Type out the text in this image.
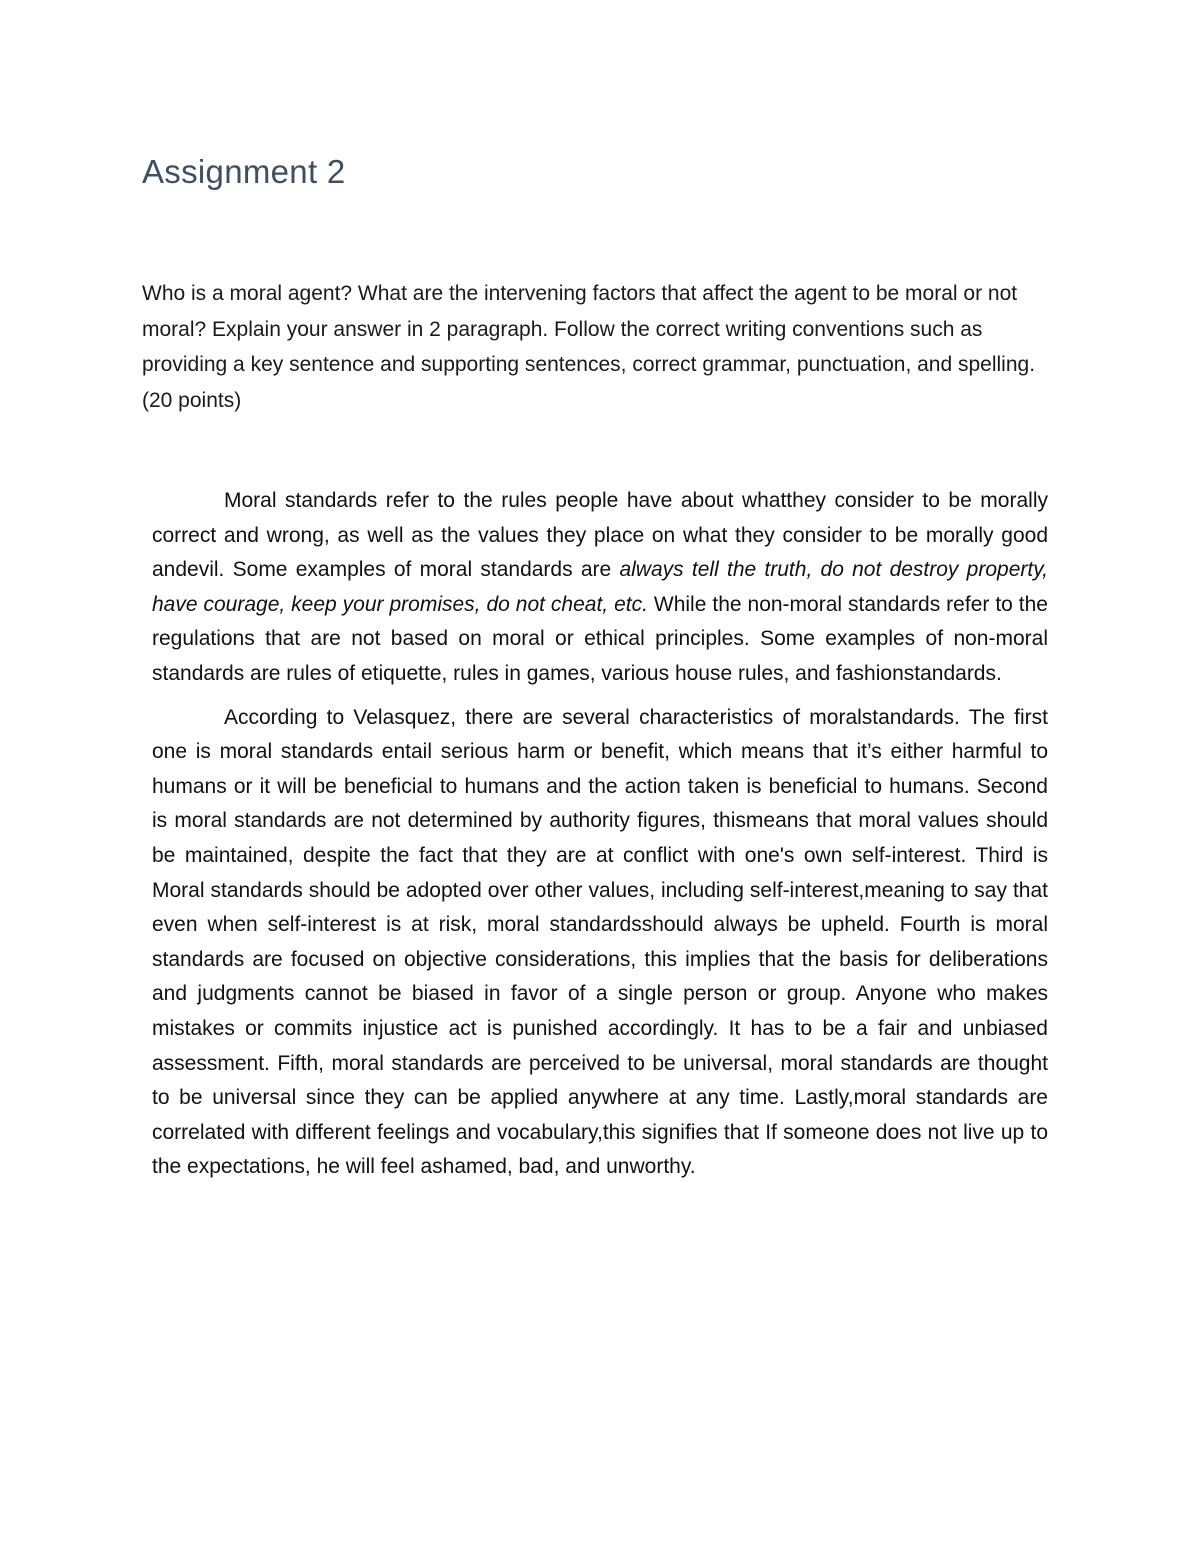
Assignment 2

Who is a moral agent? What are the intervening factors that affect the agent to be moral or not moral? Explain your answer in 2 paragraph. Follow the correct writing conventions such as providing a key sentence and supporting sentences, correct grammar, punctuation, and spelling. (20 points)

Moral standards refer to the rules people have about whatthey consider to be morally correct and wrong, as well as the values they place on what they consider to be morally good andevil. Some examples of moral standards are always tell the truth, do not destroy property, have courage, keep your promises, do not cheat, etc. While the non-moral standards refer to the regulations that are not based on moral or ethical principles. Some examples of non-moral standards are rules of etiquette, rules in games, various house rules, and fashionstandards.

According to Velasquez, there are several characteristics of moralstandards. The first one is moral standards entail serious harm or benefit, which means that it’s either harmful to humans or it will be beneficial to humans and the action taken is beneficial to humans. Second is moral standards are not determined by authority figures, thismeans that moral values should be maintained, despite the fact that they are at conflict with one's own self-interest. Third is Moral standards should be adopted over other values, including self-interest,meaning to say that even when self-interest is at risk, moral standardsshould always be upheld. Fourth is moral standards are focused on objective considerations, this implies that the basis for deliberations and judgments cannot be biased in favor of a single person or group. Anyone who makes mistakes or commits injustice act is punished accordingly. It has to be a fair and unbiased assessment. Fifth, moral standards are perceived to be universal, moral standards are thought to be universal since they can be applied anywhere at any time. Lastly,moral standards are correlated with different feelings and vocabulary,this signifies that If someone does not live up to the expectations, he will feel ashamed, bad, and unworthy.
